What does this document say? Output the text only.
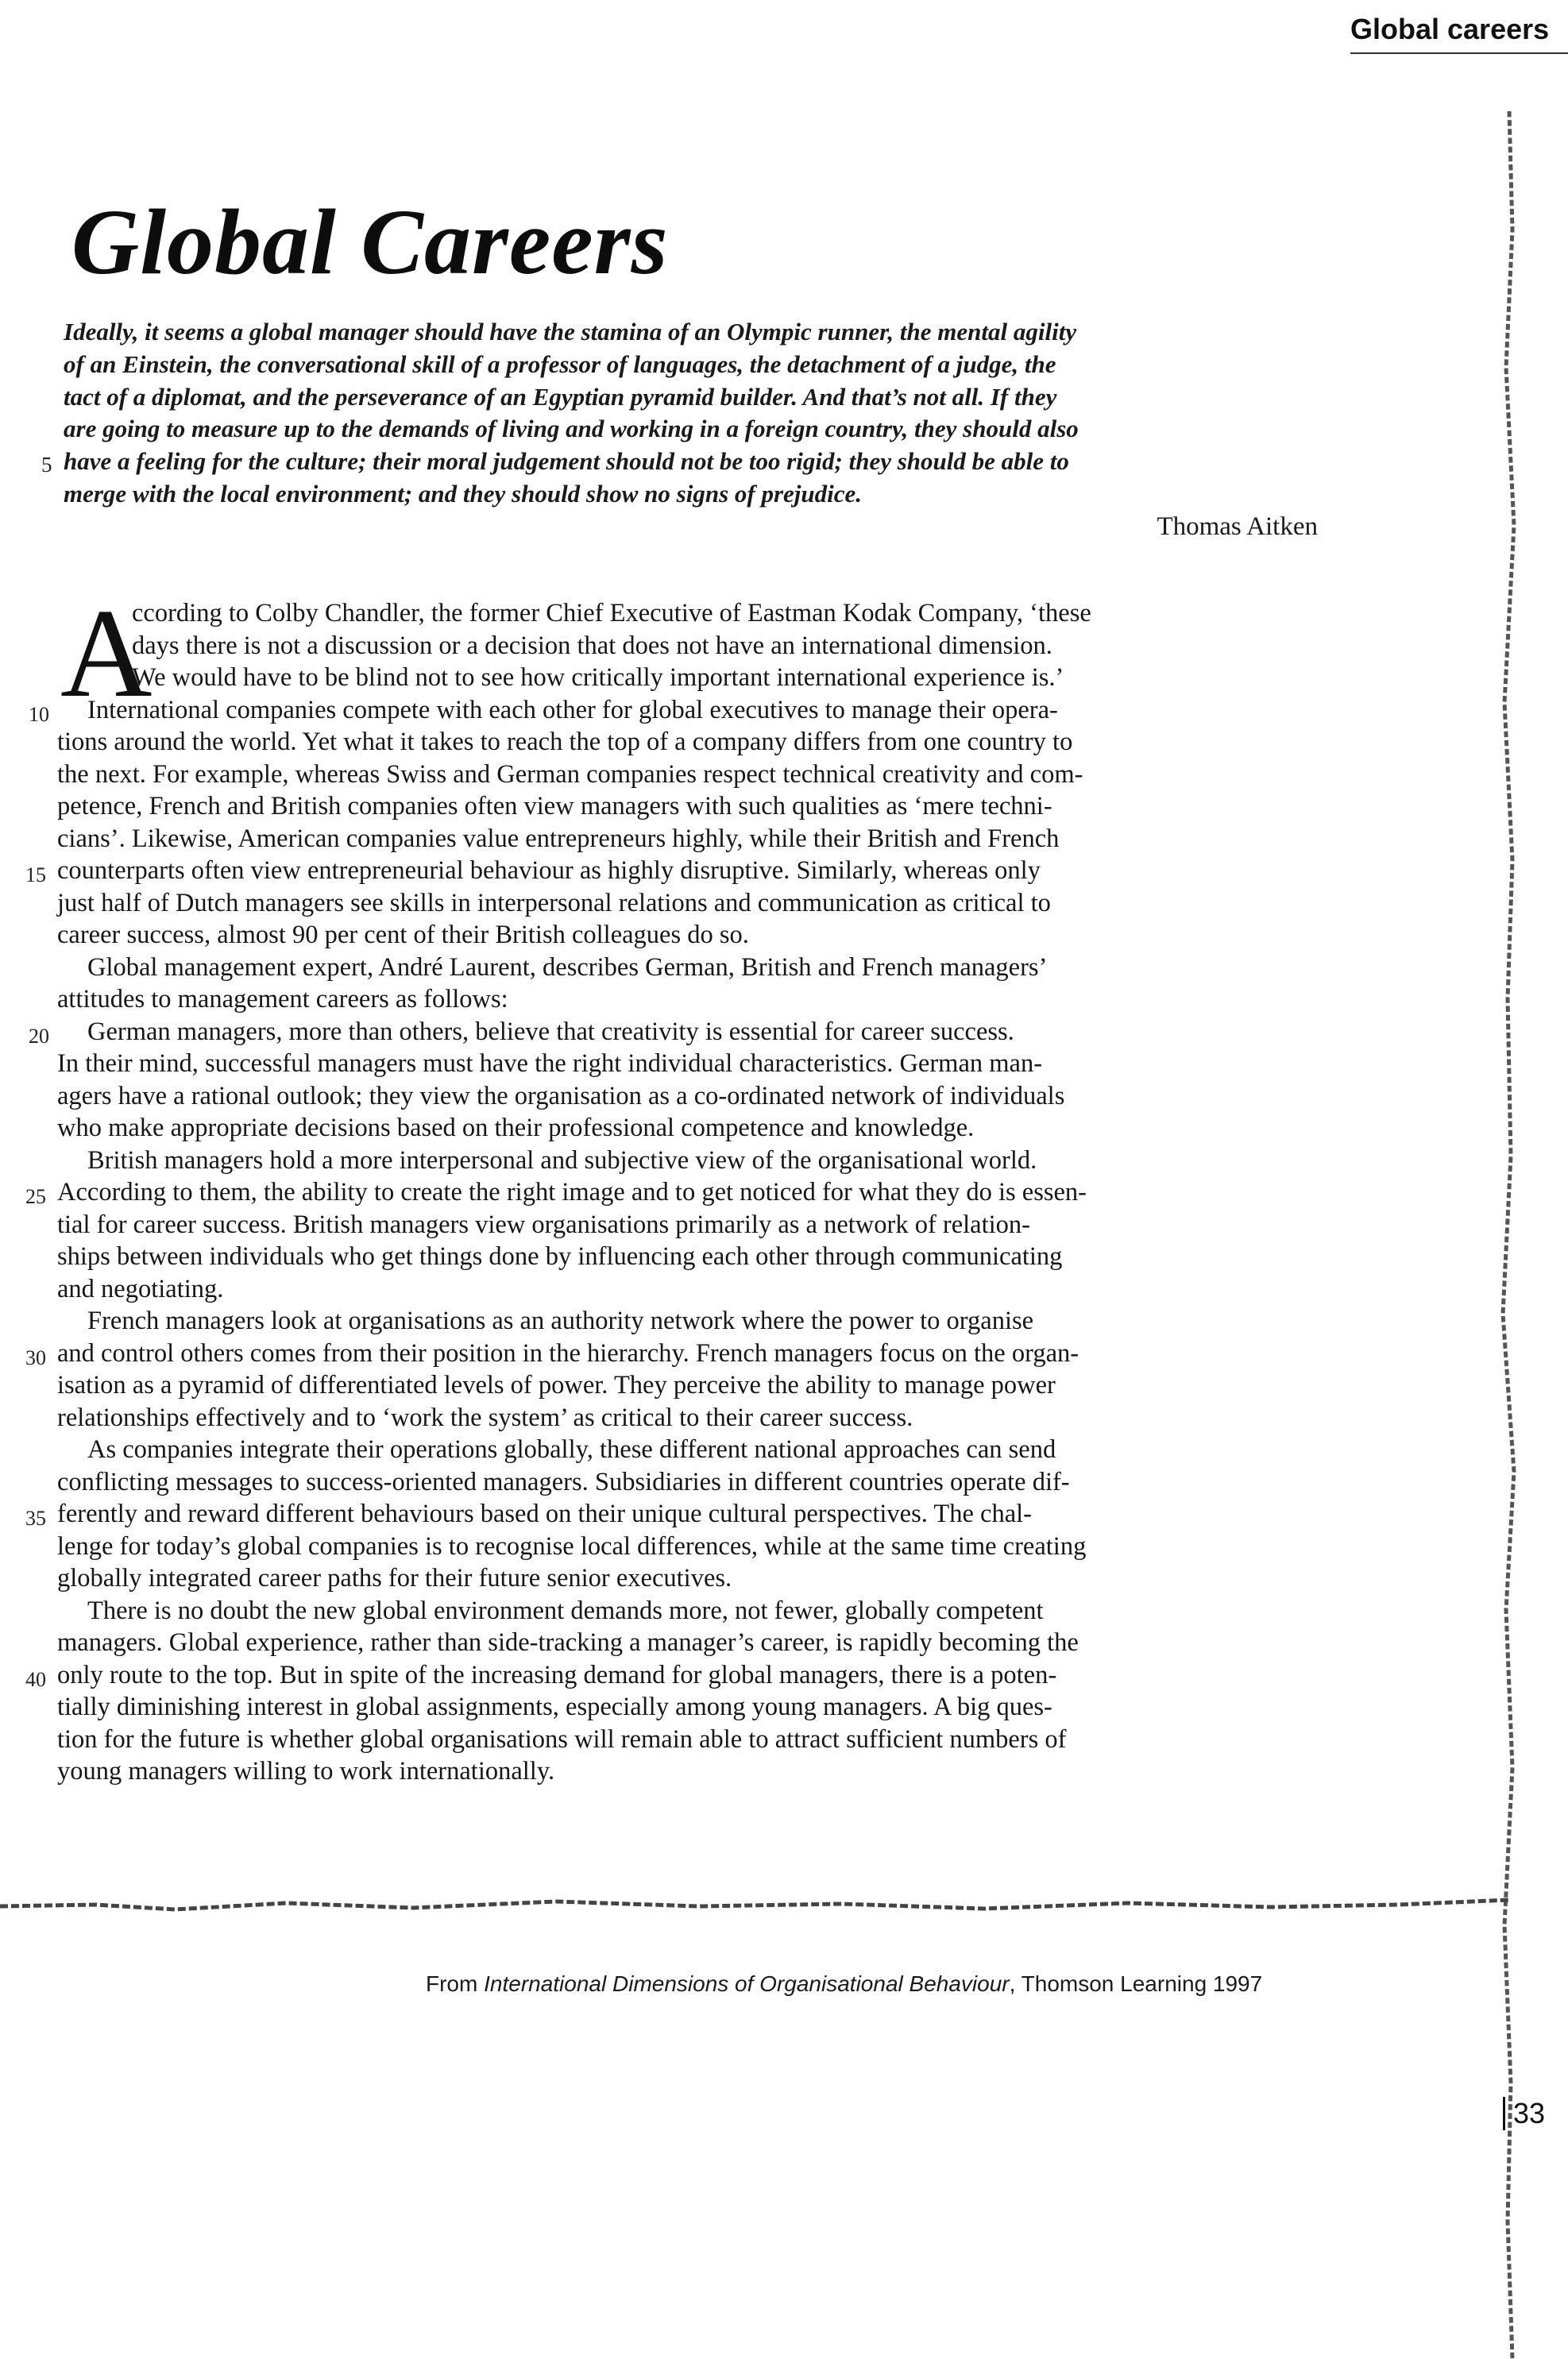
Global careers
Global Careers
Ideally, it seems a global manager should have the stamina of an Olympic runner, the mental agility
of an Einstein, the conversational skill of a professor of languages, the detachment of a judge, the
tact of a diplomat, and the perseverance of an Egyptian pyramid builder. And that’s not all. If they
are going to measure up to the demands of living and working in a foreign country, they should also
5 have a feeling for the culture; their moral judgement should not be too rigid; they should be able to
merge with the local environment; and they should show no signs of prejudice.
Thomas Aitken
A
ccording to Colby Chandler, the former Chief Executive of Eastman Kodak Company, ‘these
days there is not a discussion or a decision that does not have an international dimension.
We would have to be blind not to see how critically important international experience is.’
10	International companies compete with each other for global executives to manage their opera-
tions around the world. Yet what it takes to reach the top of a company differs from one country to
the next. For example, whereas Swiss and German companies respect technical creativity and com-
petence, French and British companies often view managers with such qualities as ‘mere techni-
cians’. Likewise, American companies value entrepreneurs highly, while their British and French
15 counterparts often view entrepreneurial behaviour as highly disruptive. Similarly, whereas only
just half of Dutch managers see skills in interpersonal relations and communication as critical to
career success, almost 90 per cent of their British colleagues do so.
Global management expert, André Laurent, describes German, British and French managers’
attitudes to management careers as follows:
20	German managers, more than others, believe that creativity is essential for career success.
In their mind, successful managers must have the right individual characteristics. German man-
agers have a rational outlook; they view the organisation as a co-ordinated network of individuals
who make appropriate decisions based on their professional competence and knowledge.
British managers hold a more interpersonal and subjective view of the organisational world.
25 According to them, the ability to create the right image and to get noticed for what they do is essen-
tial for career success. British managers view organisations primarily as a network of relation-
ships between individuals who get things done by influencing each other through communicating
and negotiating.
French managers look at organisations as an authority network where the power to organise
30 and control others comes from their position in the hierarchy. French managers focus on the organ-
isation as a pyramid of differentiated levels of power. They perceive the ability to manage power
relationships effectively and to ‘work the system’ as critical to their career success.
As companies integrate their operations globally, these different national approaches can send
conflicting messages to success-oriented managers. Subsidiaries in different countries operate dif-
35 ferently and reward different behaviours based on their unique cultural perspectives. The chal-
lenge for today’s global companies is to recognise local differences, while at the same time creating
globally integrated career paths for their future senior executives.
There is no doubt the new global environment demands more, not fewer, globally competent
managers. Global experience, rather than side-tracking a manager’s career, is rapidly becoming the
40 only route to the top. But in spite of the increasing demand for global managers, there is a poten-
tially diminishing interest in global assignments, especially among young managers. A big ques-
tion for the future is whether global organisations will remain able to attract sufficient numbers of
young managers willing to work internationally.
From International Dimensions of Organisational Behaviour, Thomson Learning 1997
33
